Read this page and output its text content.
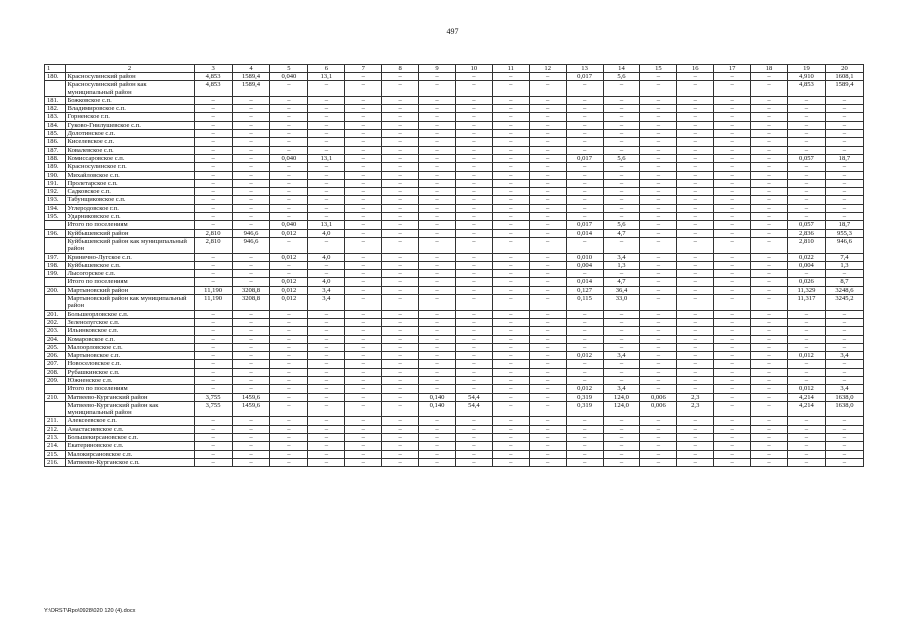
497
1	2	3	4	5	6	7	8	9	10	11	12	13	14	15	16	17	18	19	20
180.	Красносулинский район	4,853	1589,4	0,040	13,1	–	–	–	–	–	–	0,017	5,6	–	–	–	–	4,910	1608,1
	Красносулинский район как муниципальный район	4,853	1589,4	–	–	–	–	–	–	–	–	–	–	–	–	–	–	4,853	1589,4
181.	Божковское с.п.	–	–	–	–	–	–	–	–	–	–	–	–	–	–	–	–	–	–
182.	Владимировское с.п.	–	–	–	–	–	–	–	–	–	–	–	–	–	–	–	–	–	–
183.	Горненское г.п.	–	–	–	–	–	–	–	–	–	–	–	–	–	–	–	–	–	–
184.	Гуково-Гнилушевское с.п.	–	–	–	–	–	–	–	–	–	–	–	–	–	–	–	–	–	–
185.	Долотинское с.п.	–	–	–	–	–	–	–	–	–	–	–	–	–	–	–	–	–	–
186.	Киселевское с.п.	–	–	–	–	–	–	–	–	–	–	–	–	–	–	–	–	–	–
187.	Ковалевское с.п.	–	–	–	–	–	–	–	–	–	–	–	–	–	–	–	–	–	–
188.	Комиссаровское с.п.	–	–	0,040	13,1	–	–	–	–	–	–	0,017	5,6	–	–	–	–	0,057	18,7
189.	Красносулинское г.п.	–	–	–	–	–	–	–	–	–	–	–	–	–	–	–	–	–	–
190.	Михайловское с.п.	–	–	–	–	–	–	–	–	–	–	–	–	–	–	–	–	–	–
191.	Пролетарское с.п.	–	–	–	–	–	–	–	–	–	–	–	–	–	–	–	–	–	–
192.	Садковское с.п.	–	–	–	–	–	–	–	–	–	–	–	–	–	–	–	–	–	–
193.	Табунщиковское с.п.	–	–	–	–	–	–	–	–	–	–	–	–	–	–	–	–	–	–
194.	Углеродовское г.п.	–	–	–	–	–	–	–	–	–	–	–	–	–	–	–	–	–	–
195.	Ударниковское с.п.	–	–	–	–	–	–	–	–	–	–	–	–	–	–	–	–	–	–
	Итого по поселениям	–	–	0,040	13,1	–	–	–	–	–	–	0,017	5,6	–	–	–	–	0,057	18,7
196.	Куйбышевский район	2,810	946,6	0,012	4,0	–	–	–	–	–	–	0,014	4,7	–	–	–	–	2,836	955,3
	Куйбышевский район как муниципальный район	2,810	946,6	–	–	–	–	–	–	–	–	–	–	–	–	–	–	2,810	946,6
197.	Криничнo-Лугское с.п.	–	–	0,012	4,0	–	–	–	–	–	–	0,010	3,4	–	–	–	–	0,022	7,4
198.	Куйбышевское с.п.	–	–	–	–	–	–	–	–	–	–	0,004	1,3	–	–	–	–	0,004	1,3
199.	Лысогорское с.п.	–	–	–	–	–	–	–	–	–	–	–	–	–	–	–	–	–	–
	Итого по поселениям	–	–	0,012	4,0	–	–	–	–	–	–	0,014	4,7	–	–	–	–	0,026	8,7
200.	Мартыновский район	11,190	3208,8	0,012	3,4	–	–	–	–	–	–	0,127	36,4	–	–	–	–	11,329	3248,6
	Мартыновский район как муниципальный район	11,190	3208,8	0,012	3,4	–	–	–	–	–	–	0,115	33,0	–	–	–	–	11,317	3245,2
201.	Большеорловское с.п.	–	–	–	–	–	–	–	–	–	–	–	–	–	–	–	–	–	–
202.	Зеленолугское с.п.	–	–	–	–	–	–	–	–	–	–	–	–	–	–	–	–	–	–
203.	Ильинковское с.п.	–	–	–	–	–	–	–	–	–	–	–	–	–	–	–	–	–	–
204.	Комаровское с.п.	–	–	–	–	–	–	–	–	–	–	–	–	–	–	–	–	–	–
205.	Малоорловское с.п.	–	–	–	–	–	–	–	–	–	–	–	–	–	–	–	–	–	–
206.	Мартыновское с.п.	–	–	–	–	–	–	–	–	–	–	0,012	3,4	–	–	–	–	0,012	3,4
207.	Новоселовское с.п.	–	–	–	–	–	–	–	–	–	–	–	–	–	–	–	–	–	–
208.	Рубашкинское с.п.	–	–	–	–	–	–	–	–	–	–	–	–	–	–	–	–	–	–
209.	Южненское с.п.	–	–	–	–	–	–	–	–	–	–	–	–	–	–	–	–	–	–
	Итого по поселениям	–	–	–	–	–	–	–	–	–	–	0,012	3,4	–	–	–	–	0,012	3,4
210.	Матвеево-Курганский район	3,755	1459,6	–	–	–	–	0,140	54,4	–	–	0,319	124,0	0,006	2,3	–	–	4,214	1638,0
	Матвеево-Курганский район как муниципальный район	3,755	1459,6	–	–	–	–	0,140	54,4	–	–	0,319	124,0	0,006	2,3	–	–	4,214	1638,0
211.	Алексеевское с.п.	–	–	–	–	–	–	–	–	–	–	–	–	–	–	–	–	–	–
212.	Анастасиевское с.п.	–	–	–	–	–	–	–	–	–	–	–	–	–	–	–	–	–	–
213.	Большекирсановское с.п.	–	–	–	–	–	–	–	–	–	–	–	–	–	–	–	–	–	–
214.	Екатериновское с.п.	–	–	–	–	–	–	–	–	–	–	–	–	–	–	–	–	–	–
215.	Малокирсановское с.п.	–	–	–	–	–	–	–	–	–	–	–	–	–	–	–	–	–	–
216.	Матвеево-Курганское с.п.	–	–	–	–	–	–	–	–	–	–	–	–	–	–	–	–	–	–
Y:\ORST\Rpo\0928\020 120 (4).docx
